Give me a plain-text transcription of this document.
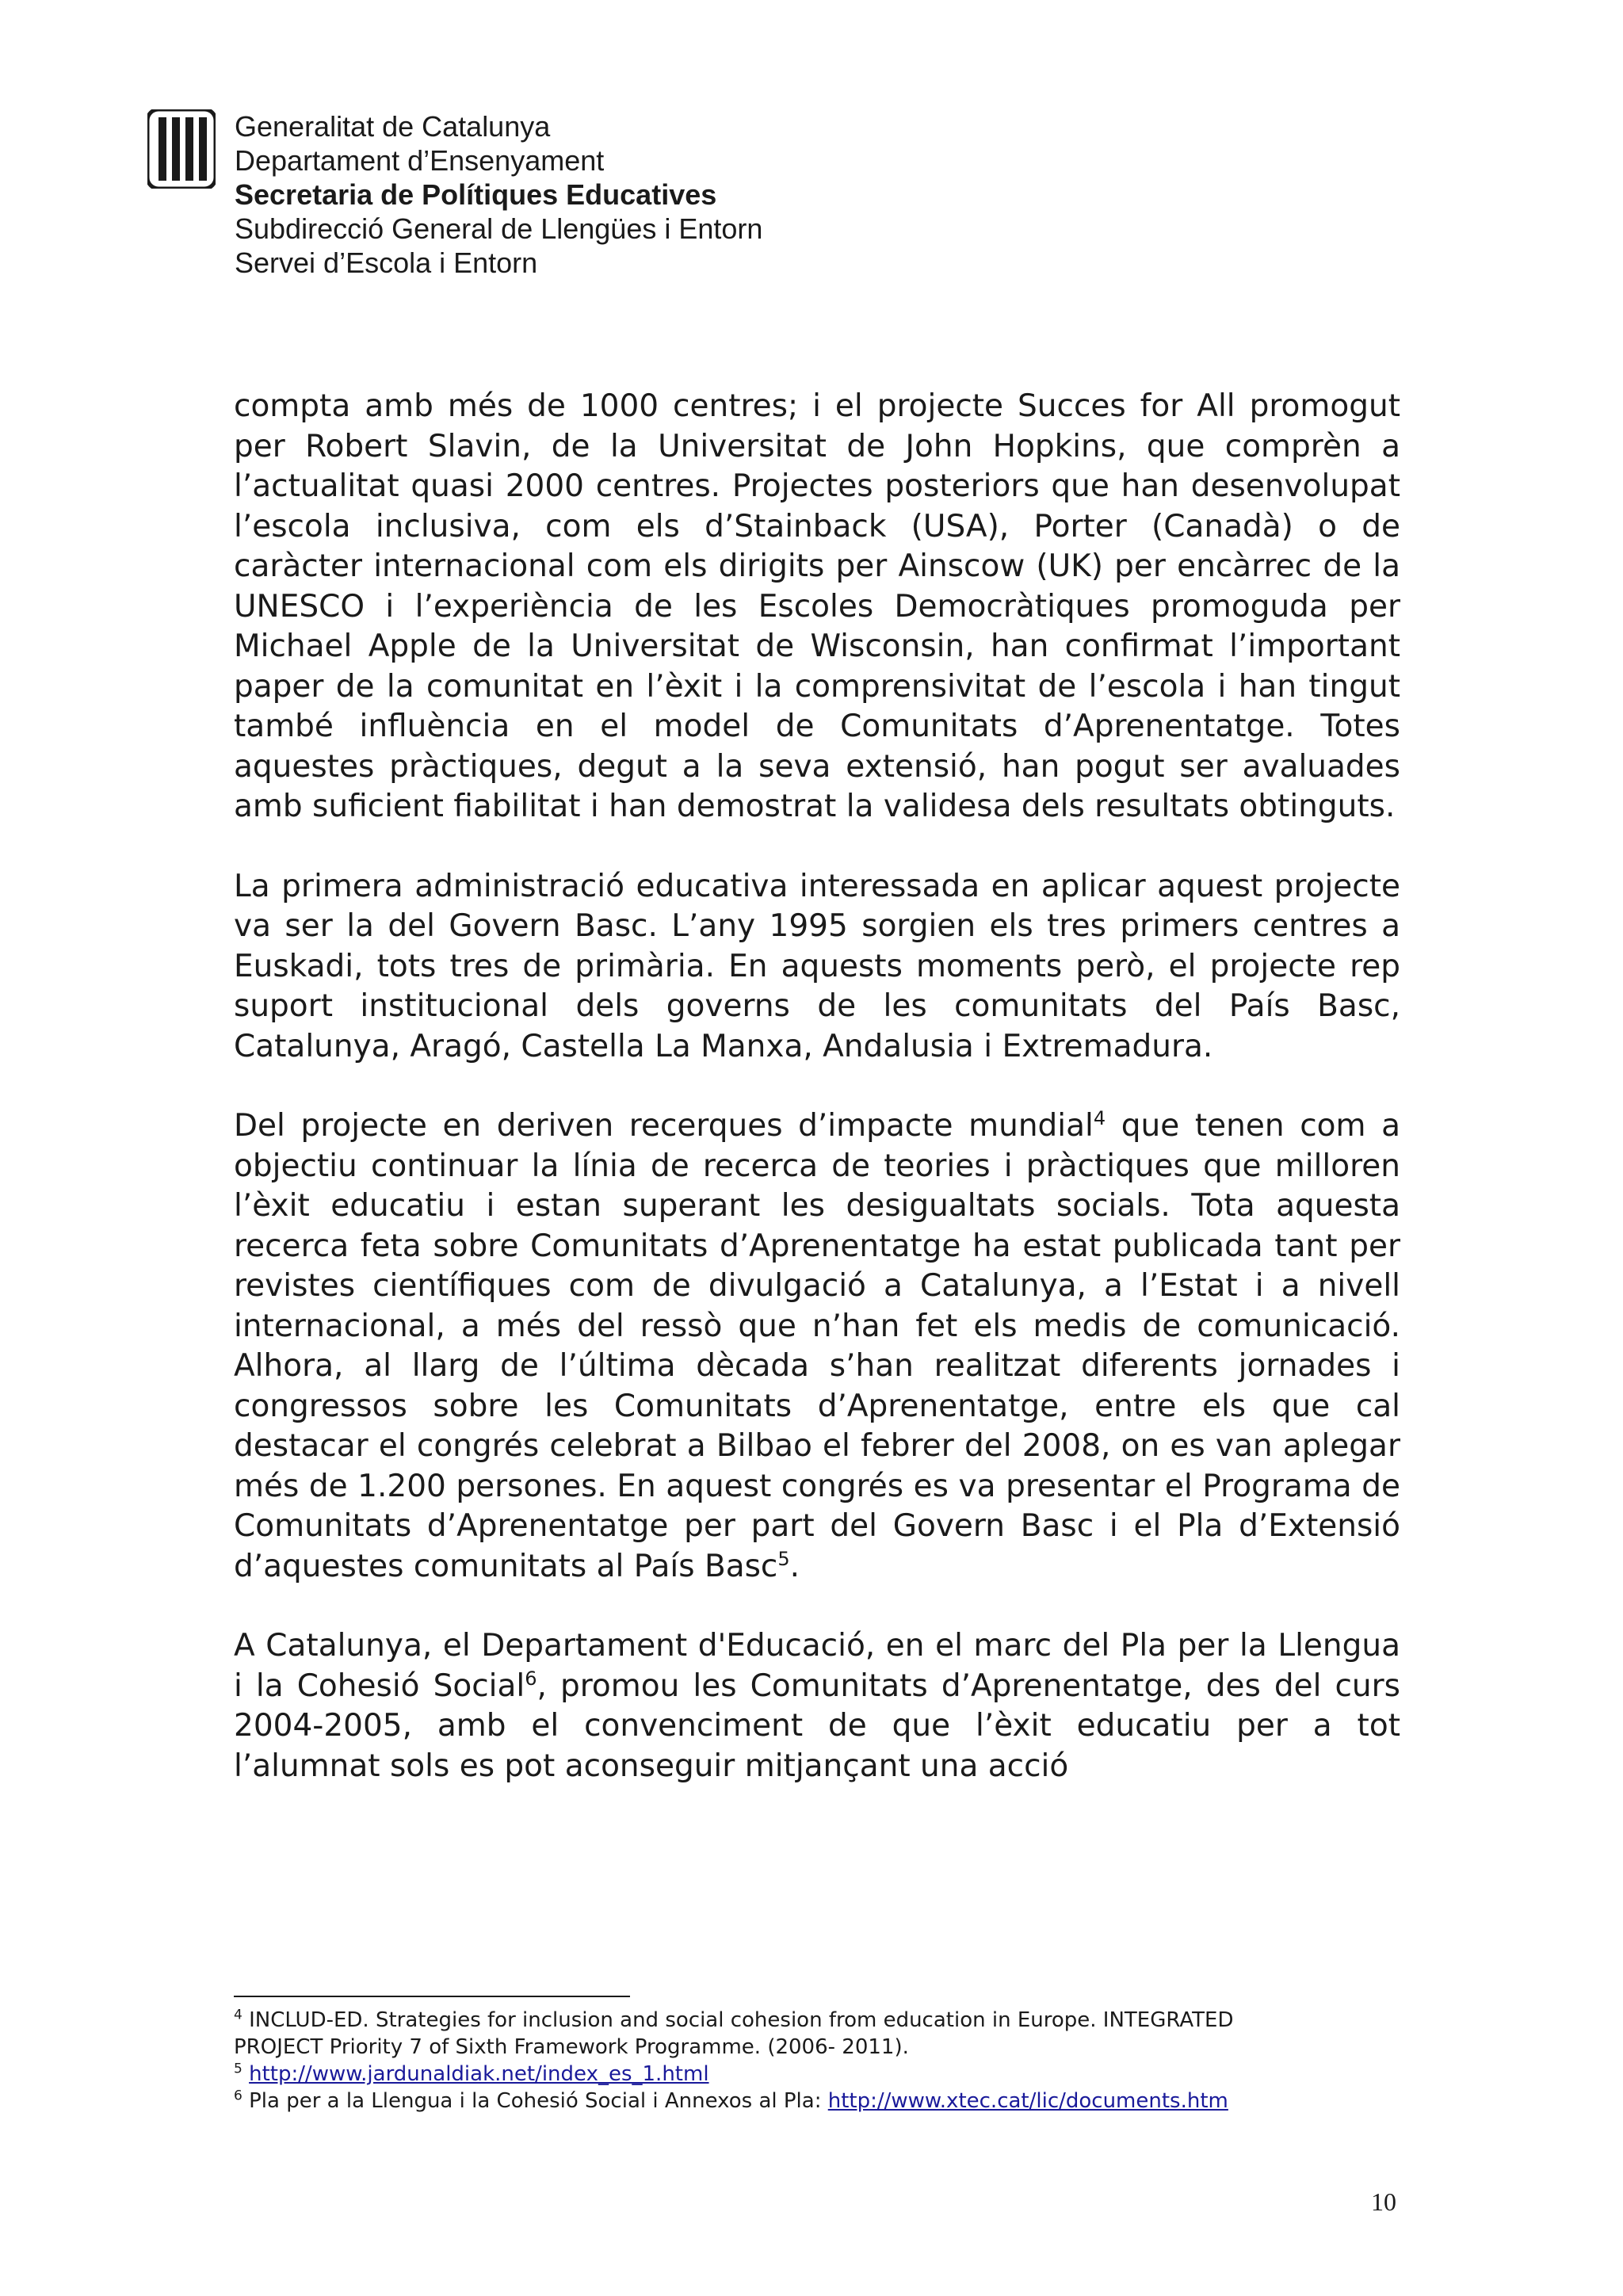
Generalitat de Catalunya
Departament d’Ensenyament
Secretaria de Polítiques Educatives
Subdirecció General de Llengües i Entorn
Servei d’Escola i Entorn

compta amb més de 1000 centres; i el projecte Succes for All promogut per Robert Slavin, de la Universitat de John Hopkins, que comprèn a l’actualitat quasi 2000 centres. Projectes posteriors que han desenvolupat l’escola inclusiva, com els d’Stainback (USA), Porter (Canadà) o de caràcter internacional com els dirigits per Ainscow (UK) per encàrrec de la UNESCO i l’experiència de les Escoles Democràtiques promoguda per Michael Apple de la Universitat de Wisconsin, han confirmat l’important paper de la comunitat en l’èxit i la comprensivitat de l’escola i han tingut també influència en el model de Comunitats d’Aprenentatge. Totes aquestes pràctiques, degut a la seva extensió, han pogut ser avaluades amb suficient fiabilitat i han demostrat la validesa dels resultats obtinguts.

La primera administració educativa interessada en aplicar aquest projecte va ser la del Govern Basc. L’any 1995 sorgien els tres primers centres a Euskadi, tots tres de primària. En aquests moments però, el projecte rep suport institucional dels governs de les comunitats del País Basc, Catalunya, Aragó, Castella La Manxa, Andalusia i Extremadura.

Del projecte en deriven recerques d’impacte mundial$^4$ que tenen com a objectiu continuar la línia de recerca de teories i pràctiques que milloren l’èxit educatiu i estan superant les desigualtats socials. Tota aquesta recerca feta sobre Comunitats d’Aprenentatge ha estat publicada tant per revistes científiques com de divulgació a Catalunya, a l’Estat i a nivell internacional, a més del ressò que n’han fet els medis de comunicació. Alhora, al llarg de l’última dècada s’han realitzat diferents jornades i congressos sobre les Comunitats d’Aprenentatge, entre els que cal destacar el congrés celebrat a Bilbao el febrer del 2008, on es van aplegar més de 1.200 persones. En aquest congrés es va presentar el Programa de Comunitats d’Aprenentatge per part del Govern Basc i el Pla d’Extensió d’aquestes comunitats al País Basc$^5$.

A Catalunya, el Departament d'Educació, en el marc del Pla per la Llengua i la Cohesió Social$^6$, promou les Comunitats d’Aprenentatge, des del curs 2004-2005, amb el convenciment de que l’èxit educatiu per a tot l’alumnat sols es pot aconseguir mitjançant una acció

$^4$ INCLUD-ED. Strategies for inclusion and social cohesion from education in Europe. INTEGRATED
PROJECT Priority 7 of Sixth Framework Programme. (2006- 2011).
$^5$ http://www.jardunaldiak.net/index_es_1.html
$^6$ Pla per a la Llengua i la Cohesió Social i Annexos al Pla: http://www.xtec.cat/lic/documents.htm
10
